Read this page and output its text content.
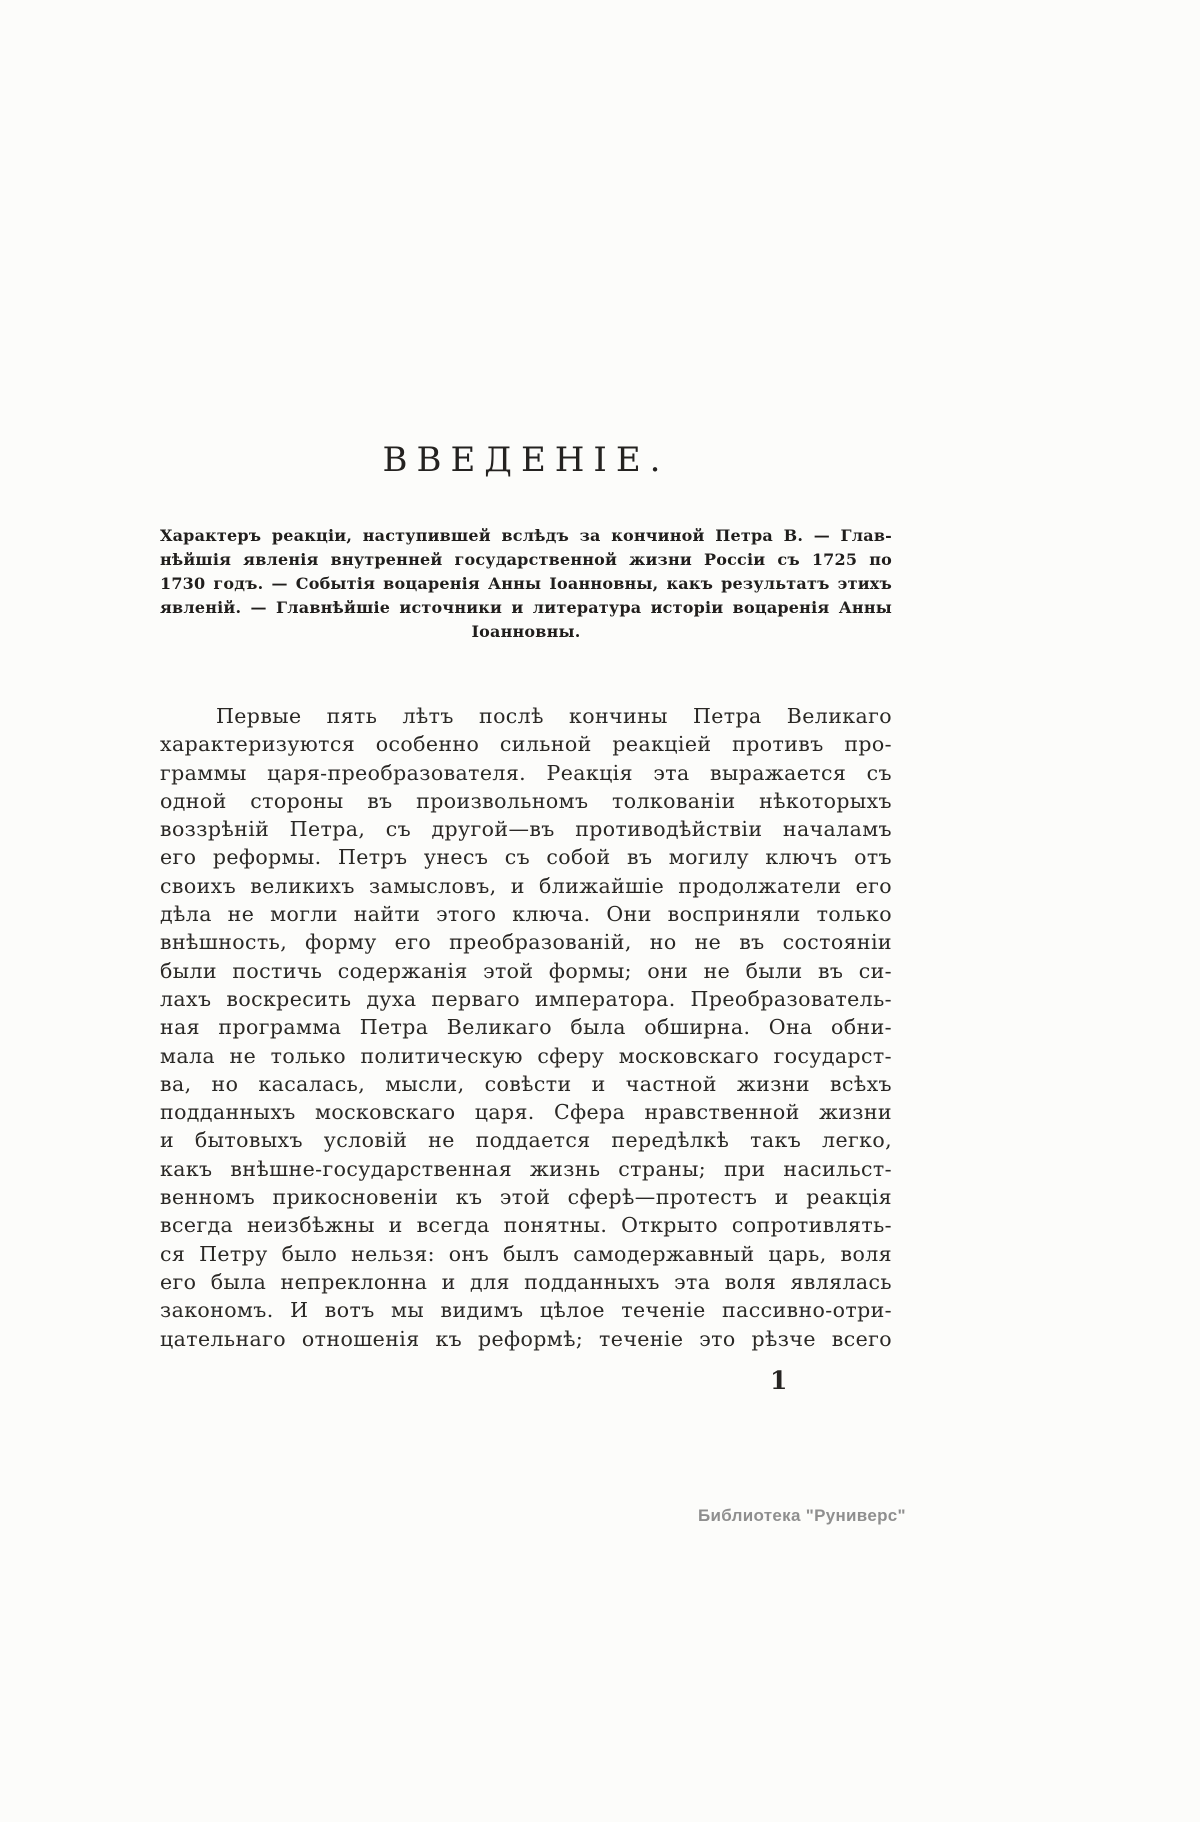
ВВЕДЕНІЕ.
Характеръ реакціи, наступившей вслѣдъ за кончиной Петра В. — Глав-
нѣйшія явленія внутренней государственной жизни Россіи съ 1725 по
1730 годъ. — Событія воцаренія Анны Іоанновны, какъ результатъ этихъ
явленій. — Главнѣйшіе источники и литература исторіи воцаренія Анны
Іоанновны.
Первые пять лѣтъ послѣ кончины Петра Великаго
характеризуются особенно сильной реакціей противъ про-
граммы царя-преобразователя. Реакція эта выражается съ
одной стороны въ произвольномъ толкованіи нѣкоторыхъ
воззрѣній Петра, съ другой—въ противодѣйствіи началамъ
его реформы. Петръ унесъ съ собой въ могилу ключъ отъ
своихъ великихъ замысловъ, и ближайшіе продолжатели его
дѣла не могли найти этого ключа. Они восприняли только
внѣшность, форму его преобразованій, но не въ состояніи
были постичь содержанія этой формы; они не были въ си-
лахъ воскресить духа перваго императора. Преобразователь-
ная программа Петра Великаго была обширна. Она обни-
мала не только политическую сферу московскаго государст-
ва, но касалась, мысли, совѣсти и частной жизни всѣхъ
подданныхъ московскаго царя. Сфера нравственной жизни
и бытовыхъ условій не поддается передѣлкѣ такъ легко,
какъ внѣшне-государственная жизнь страны; при насильст-
венномъ прикосновеніи къ этой сферѣ—протестъ и реакція
всегда неизбѣжны и всегда понятны. Открыто сопротивлять-
ся Петру было нельзя: онъ былъ самодержавный царь, воля
его была непреклонна и для подданныхъ эта воля являлась
закономъ. И вотъ мы видимъ цѣлое теченіе пассивно-отри-
цательнаго отношенія къ реформѣ; теченіе это рѣзче всего
1
Библиотека "Руниверс"
